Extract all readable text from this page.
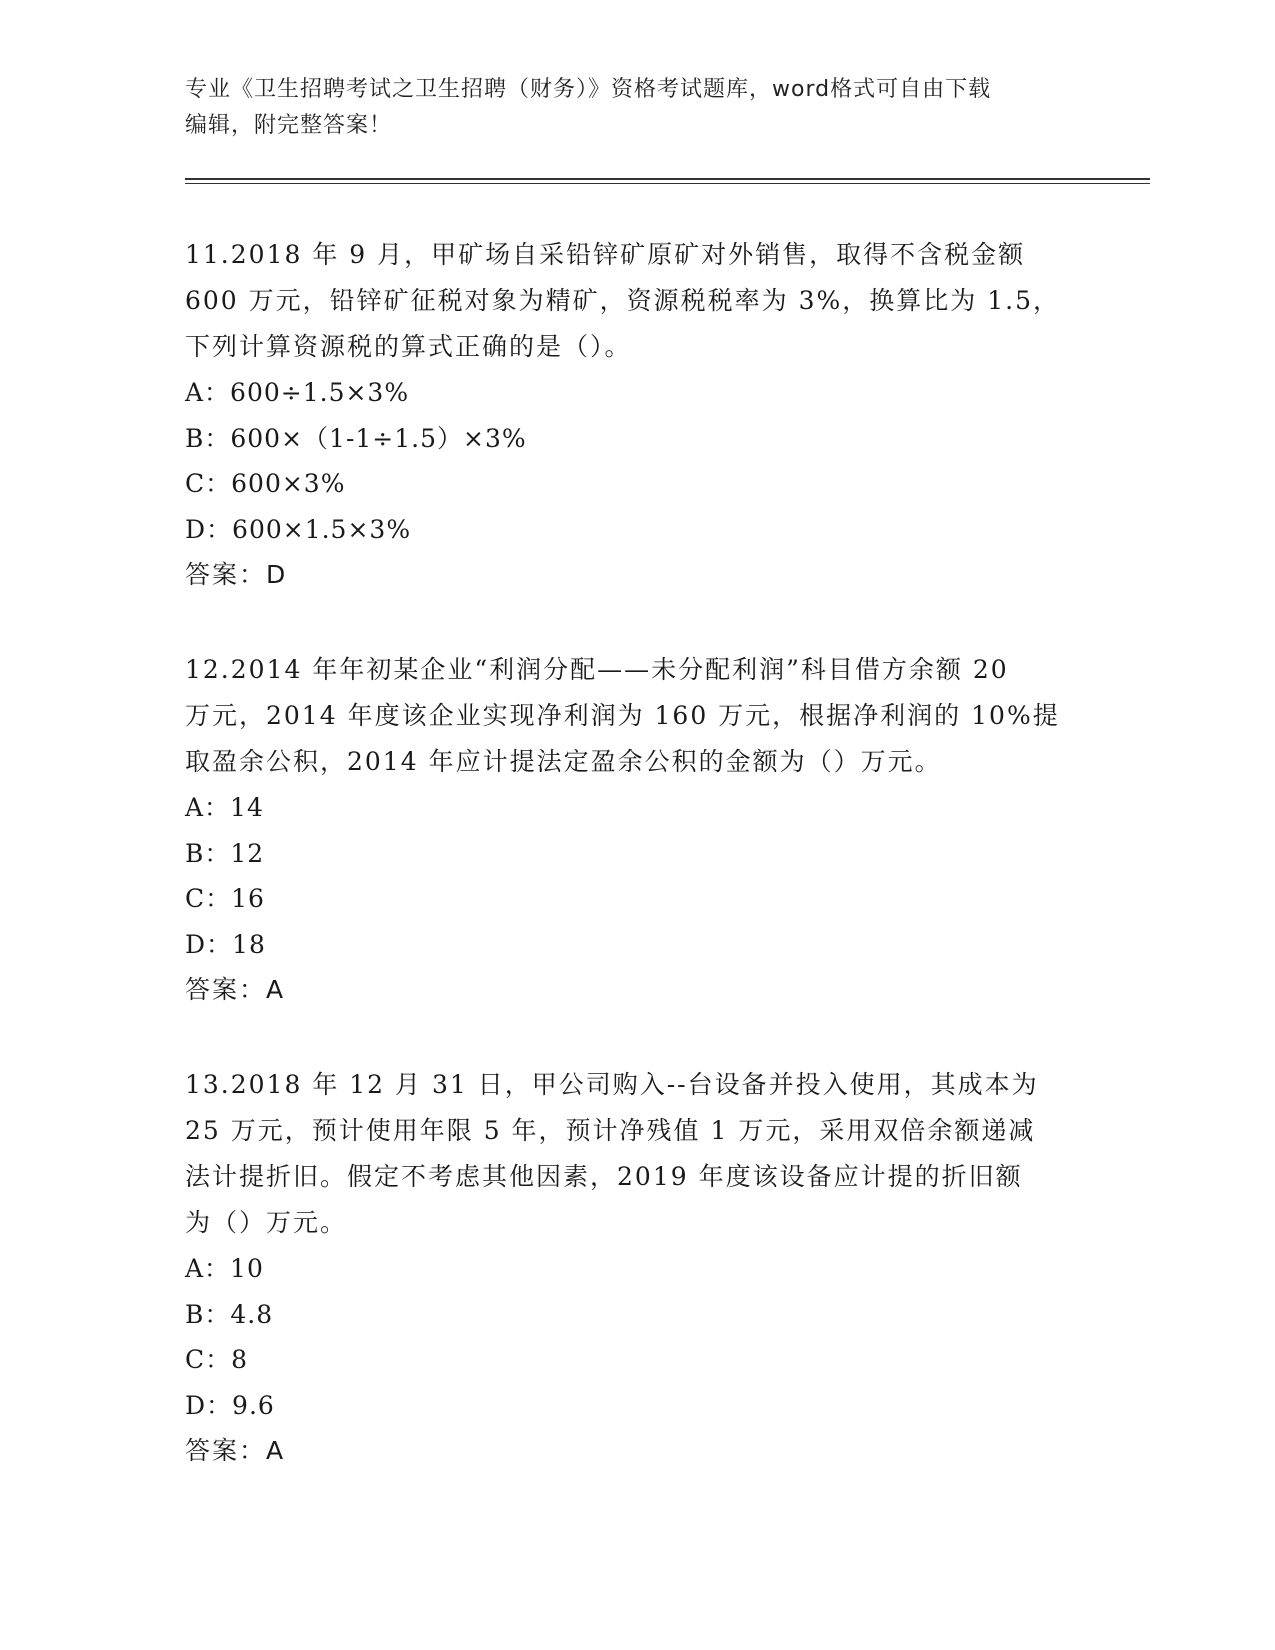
专业《卫生招聘考试之卫生招聘（财务）》资格考试题库，word格式可自由下载
编辑，附完整答案！

11.2018 年 9 月，甲矿场自采铅锌矿原矿对外销售，取得不含税金额

600 万元，铅锌矿征税对象为精矿，资源税税率为 3%，换算比为 1.5，

下列计算资源税的算式正确的是（）。

A：600÷1.5×3%

B：600×（1-1÷1.5）×3%

C：600×3%

D：600×1.5×3%

答案：D

12.2014 年年初某企业“利润分配——未分配利润”科目借方余额 20

万元，2014 年度该企业实现净利润为 160 万元，根据净利润的 10%提

取盈余公积，2014 年应计提法定盈余公积的金额为（）万元。

A：14

B：12

C：16

D：18

答案：A

13.2018 年 12 月 31 日，甲公司购入--台设备并投入使用，其成本为

25 万元，预计使用年限 5 年，预计净残值 1 万元，采用双倍余额递减

法计提折旧。假定不考虑其他因素，2019 年度该设备应计提的折旧额

为（）万元。

A：10

B：4.8

C：8

D：9.6

答案：A
